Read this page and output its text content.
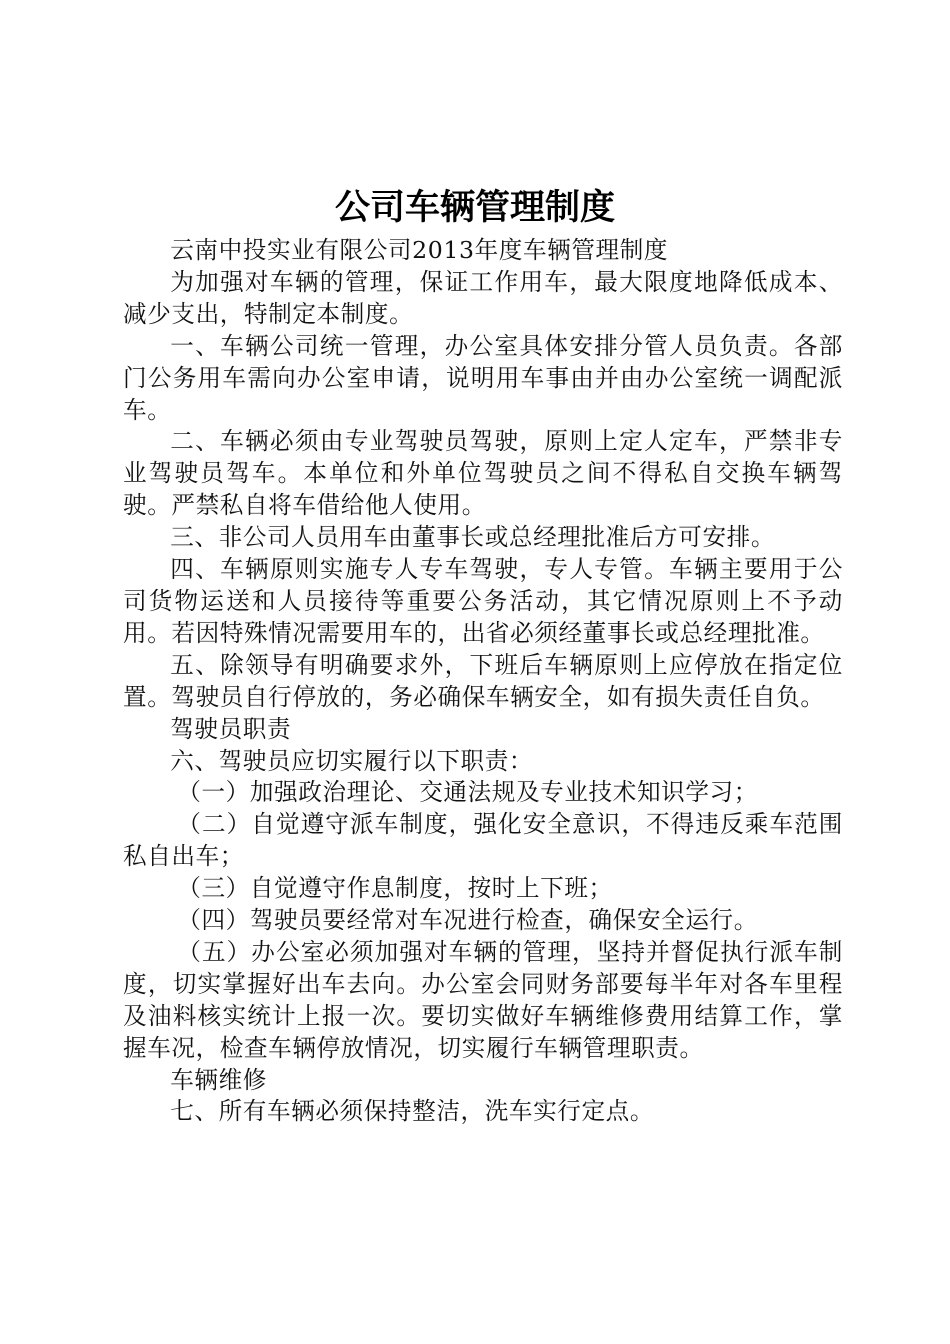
公司车辆管理制度

云南中投实业有限公司2013年度车辆管理制度

为加强对车辆的管理，保证工作用车，最大限度地降低成本、减少支出，特制定本制度。

一、车辆公司统一管理，办公室具体安排分管人员负责。各部门公务用车需向办公室申请，说明用车事由并由办公室统一调配派车。

二、车辆必须由专业驾驶员驾驶，原则上定人定车，严禁非专业驾驶员驾车。本单位和外单位驾驶员之间不得私自交换车辆驾驶。严禁私自将车借给他人使用。

三、非公司人员用车由董事长或总经理批准后方可安排。

四、车辆原则实施专人专车驾驶，专人专管。车辆主要用于公司货物运送和人员接待等重要公务活动，其它情况原则上不予动用。若因特殊情况需要用车的，出省必须经董事长或总经理批准。

五、除领导有明确要求外，下班后车辆原则上应停放在指定位置。驾驶员自行停放的，务必确保车辆安全，如有损失责任自负。

驾驶员职责

六、驾驶员应切实履行以下职责：

（一）加强政治理论、交通法规及专业技术知识学习；

（二）自觉遵守派车制度，强化安全意识，不得违反乘车范围私自出车；

（三）自觉遵守作息制度，按时上下班；

（四）驾驶员要经常对车况进行检查，确保安全运行。

（五）办公室必须加强对车辆的管理，坚持并督促执行派车制度，切实掌握好出车去向。办公室会同财务部要每半年对各车里程及油料核实统计上报一次。要切实做好车辆维修费用结算工作，掌握车况，检查车辆停放情况，切实履行车辆管理职责。

车辆维修

七、所有车辆必须保持整洁，洗车实行定点。
